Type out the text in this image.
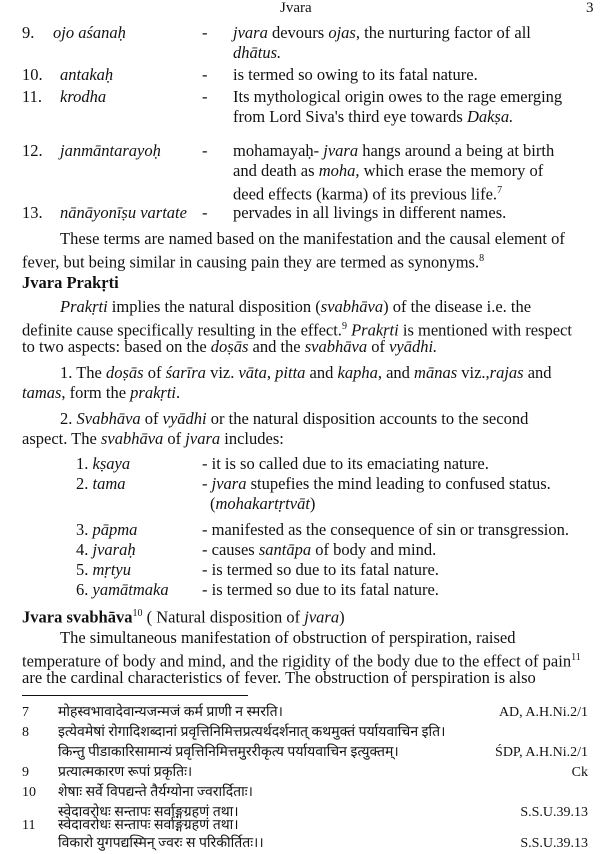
Jvara	3
9. ojo aśanaḥ	- jvara devours ojas, the nurturing factor of all
dhātus.
10. antakaḥ	- is termed so owing to its fatal nature.
11. krodha	- Its mythological origin owes to the rage emerging
from Lord Siva's third eye towards Dakṣa.
12. janmāntarayoḥ - mohamayaḥ- jvara hangs around a being at birth
and death as moha, which erase the memory of
deed effects (karma) of its previous life.$^7$
13. nānāyonīṣu vartate - pervades in all livings in different names.
These terms are named based on the manifestation and the causal element of
fever, but being similar in causing pain they are termed as synonyms.$^8$
Jvara Prakṛti
Prakṛti implies the natural disposition (svabhāva) of the disease i.e. the
definite cause specifically resulting in the effect.$^9$ Prakṛti is mentioned with respect
to two aspects: based on the doṣās and the svabhāva of vyādhi.
1. The doṣās of śarīra viz. vāta, pitta and kapha, and mānas viz.,rajas and
tamas, form the prakṛti.
2. Svabhāva of vyādhi or the natural disposition accounts to the second
aspect. The svabhāva of jvara includes:
1. kṣaya	- it is so called due to its emaciating nature.
2. tama	- jvara stupefies the mind leading to confused status.
(mohakartṛtvāt)
3. pāpma	- manifested as the consequence of sin or transgression.
4. jvaraḥ	- causes santāpa of body and mind.
5. mṛtyu	- is termed so due to its fatal nature.
6. yamātmaka - is termed so due to its fatal nature.
Jvara svabhāva$^{10}$ ( Natural disposition of jvara)
The simultaneous manifestation of obstruction of perspiration, raised
temperature of body and mind, and the rigidity of the body due to the effect of pain$^{11}$
are the cardinal characteristics of fever. The obstruction of perspiration is also
7 मोहस्वभावादेवान्यजन्मजं कर्म प्राणी न स्मरति।	AD, A.H.Ni.2/1
8 इत्येवमेषां रोगादिशब्दानां प्रवृत्तिनिमित्तप्रत्यर्थदर्शनात् कथमुक्तं पर्यायवाचिन इति।
किन्तु पीडाकारिसामान्यं प्रवृत्तिनिमित्तमुररीकृत्य पर्यायवाचिन इत्युक्तम्।	ŚDP, A.H.Ni.2/1
9 प्रत्यात्मकारण रूपां प्रकृतिः।	Ck
10 शेषाः सर्वे विपद्यन्ते तैर्यग्योना ज्वरार्दिताः।
स्वेदावरोधः सन्तापः सर्वाङ्गग्रहणं तथा।	S.S.U.39.13
11 स्वेदावरोधः सन्तापः सर्वाङ्गग्रहणं तथा।
विकारो युगपद्यस्मिन् ज्वरः स परिकीर्तितः।।	S.S.U.39.13
